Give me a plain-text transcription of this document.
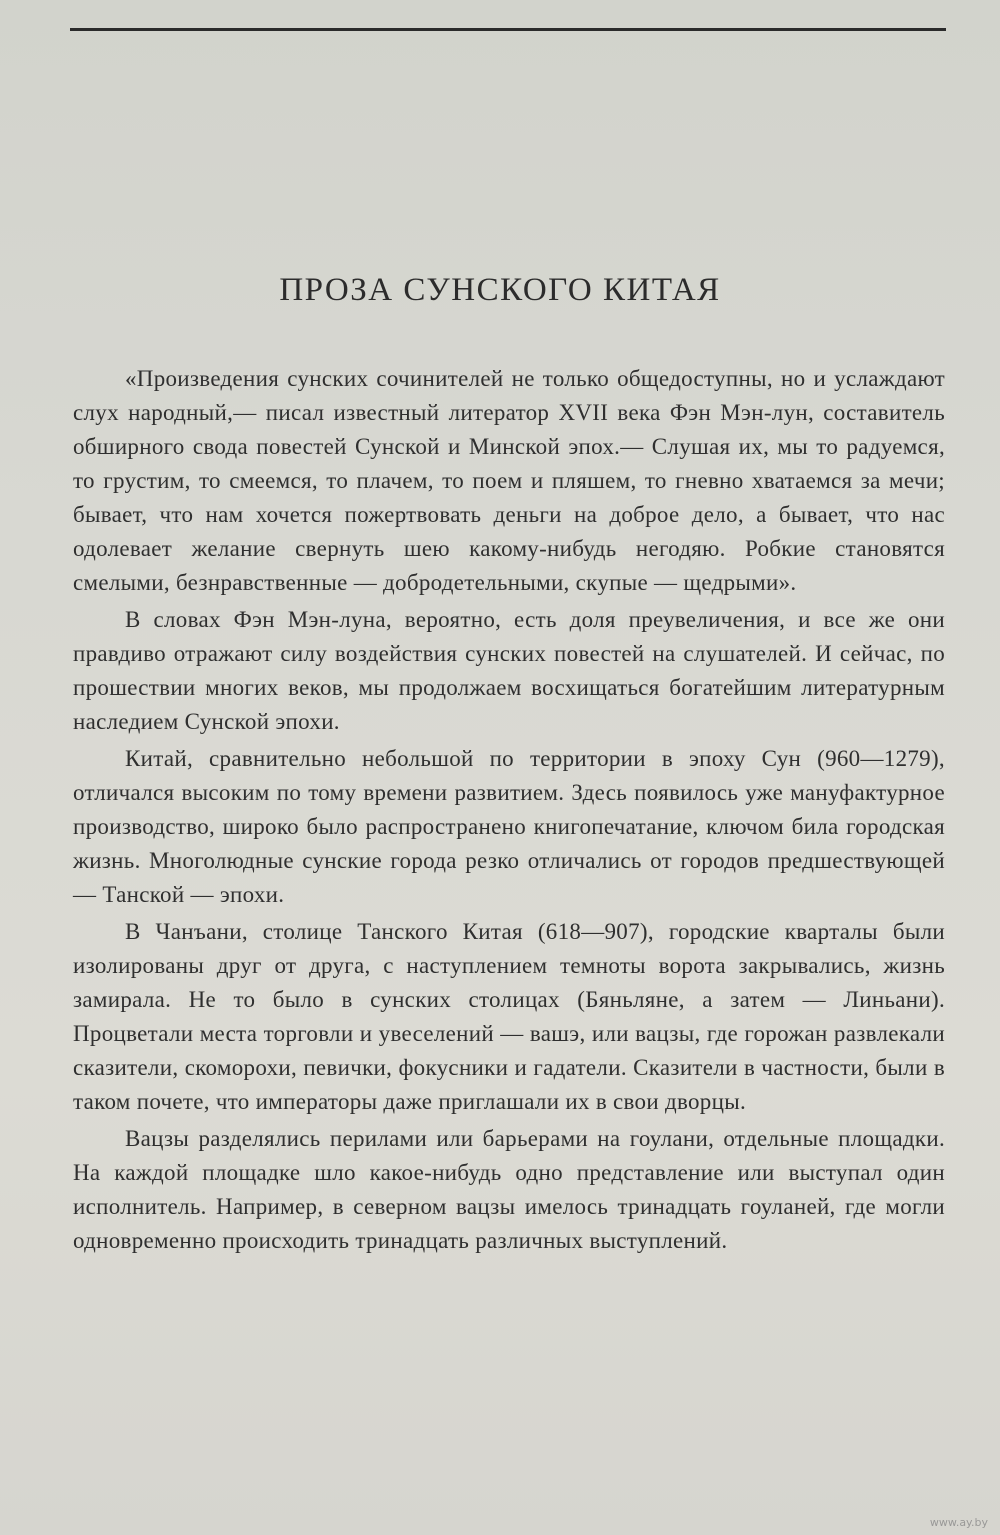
ПРОЗА СУНСКОГО КИТАЯ

«Произведения сунских сочинителей не только общедоступны, но и услаждают слух народный,— писал известный литератор XVII века Фэн Мэн-лун, составитель обширного свода повестей Сунской и Минской эпох.— Слушая их, мы то радуемся, то грустим, то смеемся, то плачем, то поем и пляшем, то гневно хватаемся за мечи; бывает, что нам хочется пожертвовать деньги на доброе дело, а бывает, что нас одолевает желание свернуть шею какому-нибудь негодяю. Робкие становятся смелыми, безнравственные — добродетельными, скупые — щедрыми».

В словах Фэн Мэн-луна, вероятно, есть доля преувеличения, и все же они правдиво отражают силу воздействия сунских повестей на слушателей. И сейчас, по прошествии многих веков, мы продолжаем восхищаться богатейшим литературным наследием Сунской эпохи.

Китай, сравнительно небольшой по территории в эпоху Сун (960—1279), отличался высоким по тому времени развитием. Здесь появилось уже мануфактурное производство, широко было распространено книгопечатание, ключом била городская жизнь. Многолюдные сунские города резко отличались от городов предшествующей — Танской — эпохи.

В Чанъани, столице Танского Китая (618—907), городские кварталы были изолированы друг от друга, с наступлением темноты ворота закрывались, жизнь замирала. Не то было в сунских столицах (Бяньляне, а затем — Линьани). Процветали места торговли и увеселений — вашэ, или вацзы, где горожан развлекали сказители, скоморохи, певички, фокусники и гадатели. Сказители в частности, были в таком почете, что императоры даже приглашали их в свои дворцы.

Вацзы разделялись перилами или барьерами на гоулани, отдельные площадки. На каждой площадке шло какое-нибудь одно представление или выступал один исполнитель. Например, в северном вацзы имелось тринадцать гоуланей, где могли одновременно происходить тринадцать различных выступлений.

www.ay.by
